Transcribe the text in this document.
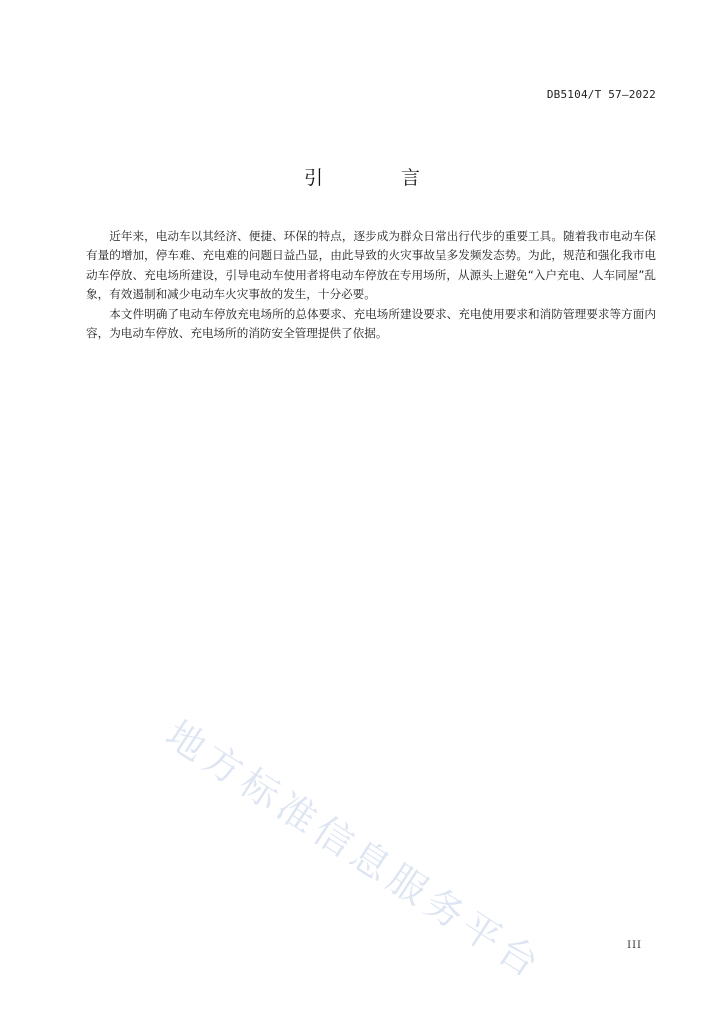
DB5104/T 57—2022
引 言

近年来，电动车以其经济、便捷、环保的特点，逐步成为群众日常出行代步的重要工具。随着我市电动车保有量的增加，停车难、充电难的问题日益凸显，由此导致的火灾事故呈多发频发态势。为此，规范和强化我市电动车停放、充电场所建设，引导电动车使用者将电动车停放在专用场所，从源头上避免“入户充电、人车同屋”乱象，有效遏制和减少电动车火灾事故的发生，十分必要。

本文件明确了电动车停放充电场所的总体要求、充电场所建设要求、充电使用要求和消防管理要求等方面内容，为电动车停放、充电场所的消防安全管理提供了依据。

地方标准信息服务平台	III
